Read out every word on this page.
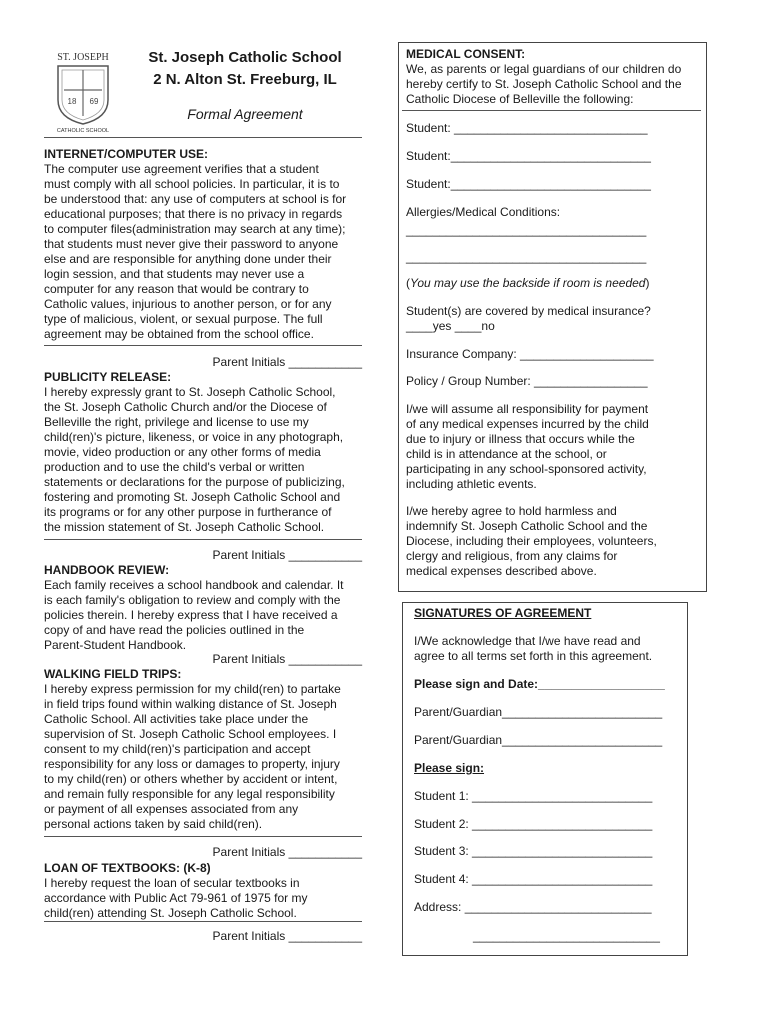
ST. JOSEPH
18 69
CATHOLIC SCHOOL
St. Joseph Catholic School
2 N. Alton St. Freeburg, IL
Formal Agreement
INTERNET/COMPUTER USE:
The computer use agreement verifies that a student
must comply with all school policies. In particular, it is to
be understood that: any use of computers at school is for
educational purposes; that there is no privacy in regards
to computer files(administration may search at any time);
that students must never give their password to anyone
else and are responsible for anything done under their
login session, and that students may never use a
computer for any reason that would be contrary to
Catholic values, injurious to another person, or for any
type of malicious, violent, or sexual purpose. The full
agreement may be obtained from the school office.
Parent Initials ___________
PUBLICITY RELEASE:
I hereby expressly grant to St. Joseph Catholic School,
the St. Joseph Catholic Church and/or the Diocese of
Belleville the right, privilege and license to use my
child(ren)'s picture, likeness, or voice in any photograph,
movie, video production or any other forms of media
production and to use the child's verbal or written
statements or declarations for the purpose of publicizing,
fostering and promoting St. Joseph Catholic School and
its programs or for any other purpose in furtherance of
the mission statement of St. Joseph Catholic School.
Parent Initials ___________
HANDBOOK REVIEW:
Each family receives a school handbook and calendar. It
is each family's obligation to review and comply with the
policies therein. I hereby express that I have received a
copy of and have read the policies outlined in the
Parent-Student Handbook.
Parent Initials ___________
WALKING FIELD TRIPS:
I hereby express permission for my child(ren) to partake
in field trips found within walking distance of St. Joseph
Catholic School. All activities take place under the
supervision of St. Joseph Catholic School employees. I
consent to my child(ren)'s participation and accept
responsibility for any loss or damages to property, injury
to my child(ren) or others whether by accident or intent,
and remain fully responsible for any legal responsibility
or payment of all expenses associated from any
personal actions taken by said child(ren).
Parent Initials ___________
LOAN OF TEXTBOOKS: (K-8)
I hereby request the loan of secular textbooks in
accordance with Public Act 79-961 of 1975 for my
child(ren) attending St. Joseph Catholic School.
Parent Initials ___________
MEDICAL CONSENT:
We, as parents or legal guardians of our children do
hereby certify to St. Joseph Catholic School and the
Catholic Diocese of Belleville the following:
Student: _____________________________
Student:______________________________
Student:______________________________
Allergies/Medical Conditions:
____________________________________
____________________________________
(You may use the backside if room is needed)
Student(s) are covered by medical insurance?
____yes ____no
Insurance Company: ____________________
Policy / Group Number: _________________
I/we will assume all responsibility for payment
of any medical expenses incurred by the child
due to injury or illness that occurs while the
child is in attendance at the school, or
participating in any school-sponsored activity,
including athletic events.
I/we hereby agree to hold harmless and
indemnify St. Joseph Catholic School and the
Diocese, including their employees, volunteers,
clergy and religious, from any claims for
medical expenses described above.
SIGNATURES OF AGREEMENT
I/We acknowledge that I/we have read and
agree to all terms set forth in this agreement.
Please sign and Date:___________________
Parent/Guardian________________________
Parent/Guardian________________________
Please sign:
Student 1: ___________________________
Student 2: ___________________________
Student 3: ___________________________
Student 4: ___________________________
Address: ____________________________
____________________________
